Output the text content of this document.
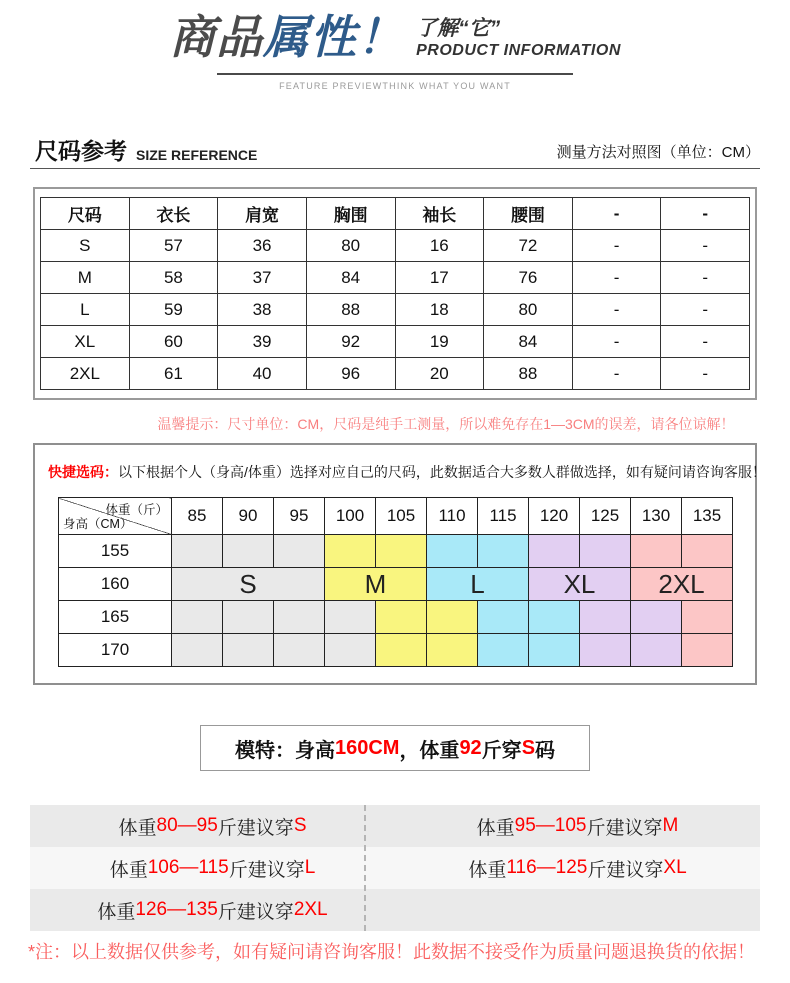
商品属性！ 了解“它”
PRODUCT INFORMATION
FEATURE PREVIEWTHINK WHAT YOU WANT
尺码参考 SIZE REFERENCE	测量方法对照图（单位：CM）
尺码	衣长	肩宽	胸围	袖长	腰围	-	-
S	57	36	80	16	72	-	-
M	58	37	84	17	76	-	-
L	59	38	88	18	80	-	-
XL	60	39	92	19	84	-	-
2XL	61	40	96	20	88	-	-
温馨提示：尺寸单位：CM，尺码是纯手工测量，所以难免存在1—3CM的误差，请各位谅解！
快捷选码：以下根据个人（身高/体重）选择对应自己的尺码，此数据适合大多数人群做选择，如有疑问请咨询客服！
体重（斤）
身高（CM）	85	90	95	100	105	110	115	120	125	130	135
155											
160	S			M		L		XL		2XL	
165											
170											
模特：身高 160CM ，体重 92 斤穿 S 码
体重 80—95 斤建议穿 S	体重 95—105 斤建议穿 M
体重 106—115 斤建议穿 L	体重 116—125 斤建议穿 XL
体重 126—135 斤建议穿 2XL
*注：以上数据仅供参考，如有疑问请咨询客服！此数据不接受作为质量问题退换货的依据！
